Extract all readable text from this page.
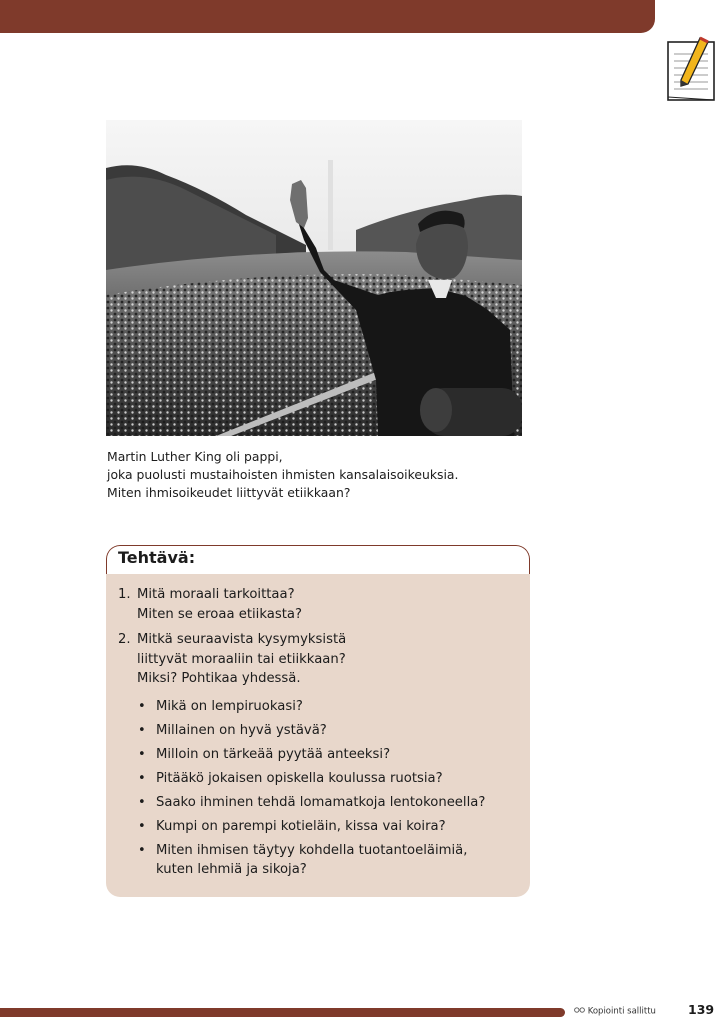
Martin Luther King oli pappi,
joka puolusti mustaihoisten ihmisten kansalaisoikeuksia.
Miten ihmisoikeudet liittyvät etiikkaan?
Tehtävä:
1. Mitä moraali tarkoittaa?
Miten se eroaa etiikasta?
2. Mitkä seuraavista kysymyksistä
liittyvät moraaliin tai etiikkaan?
Miksi? Pohtikaa yhdessä.
• Mikä on lempiruokasi?
• Millainen on hyvä ystävä?
• Milloin on tärkeää pyytää anteeksi?
• Pitääkö jokaisen opiskella koulussa ruotsia?
• Saako ihminen tehdä lomamatkoja lentokoneella?
• Kumpi on parempi kotieläin, kissa vai koira?
• Miten ihmisen täytyy kohdella tuotantoeläimiä,
kuten lehmiä ja sikoja?
Kopiointi sallittu	139
